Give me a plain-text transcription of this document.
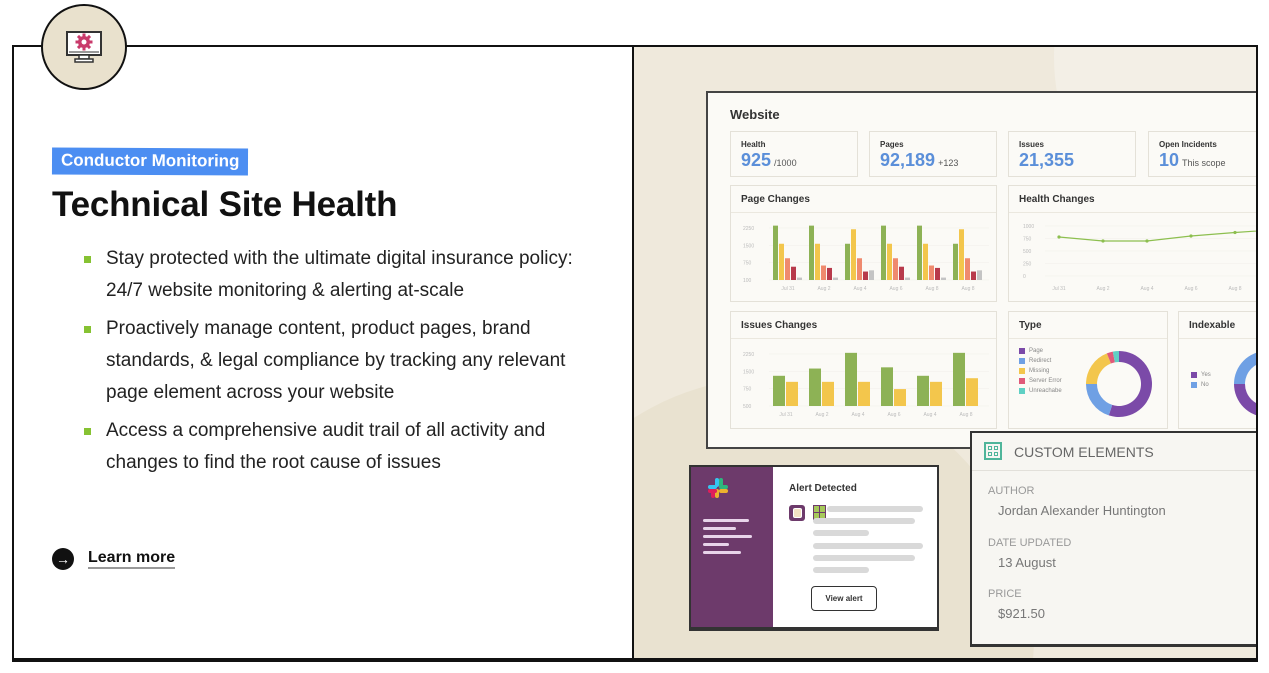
Conductor Monitoring
Technical Site Health
Stay protected with the ultimate digital insurance policy: 24/7 website monitoring & alerting at-scale
Proactively manage content, product pages, brand standards, & legal compliance by tracking any relevant page element across your website
Access a comprehensive audit trail of all activity and changes to find the root cause of issues
→ Learn more
Website
Health
925 /1000
Pages
92,189 +123
Issues
21,355
Open Incidents
10 This scope
Page Changes
2250
1500
750
100
Jul 31	Aug 2	Aug 4	Aug 6	Aug 8	Aug 8
Health Changes
1000
750
500
250
0
Jul 31	Aug 2	Aug 4	Aug 6	Aug 8
Issues Changes
2250
1500
750
500
Jul 31	Aug 2	Aug 4	Aug 6	Aug 4	Aug 8
Type
Page
Redirect
Missing
Server Error
Unreachabe
Indexable
Yes
No
Alert Detected
View alert
CUSTOM ELEMENTS
AUTHOR
Jordan Alexander Huntington
DATE UPDATED
13 August
PRICE
$921.50
